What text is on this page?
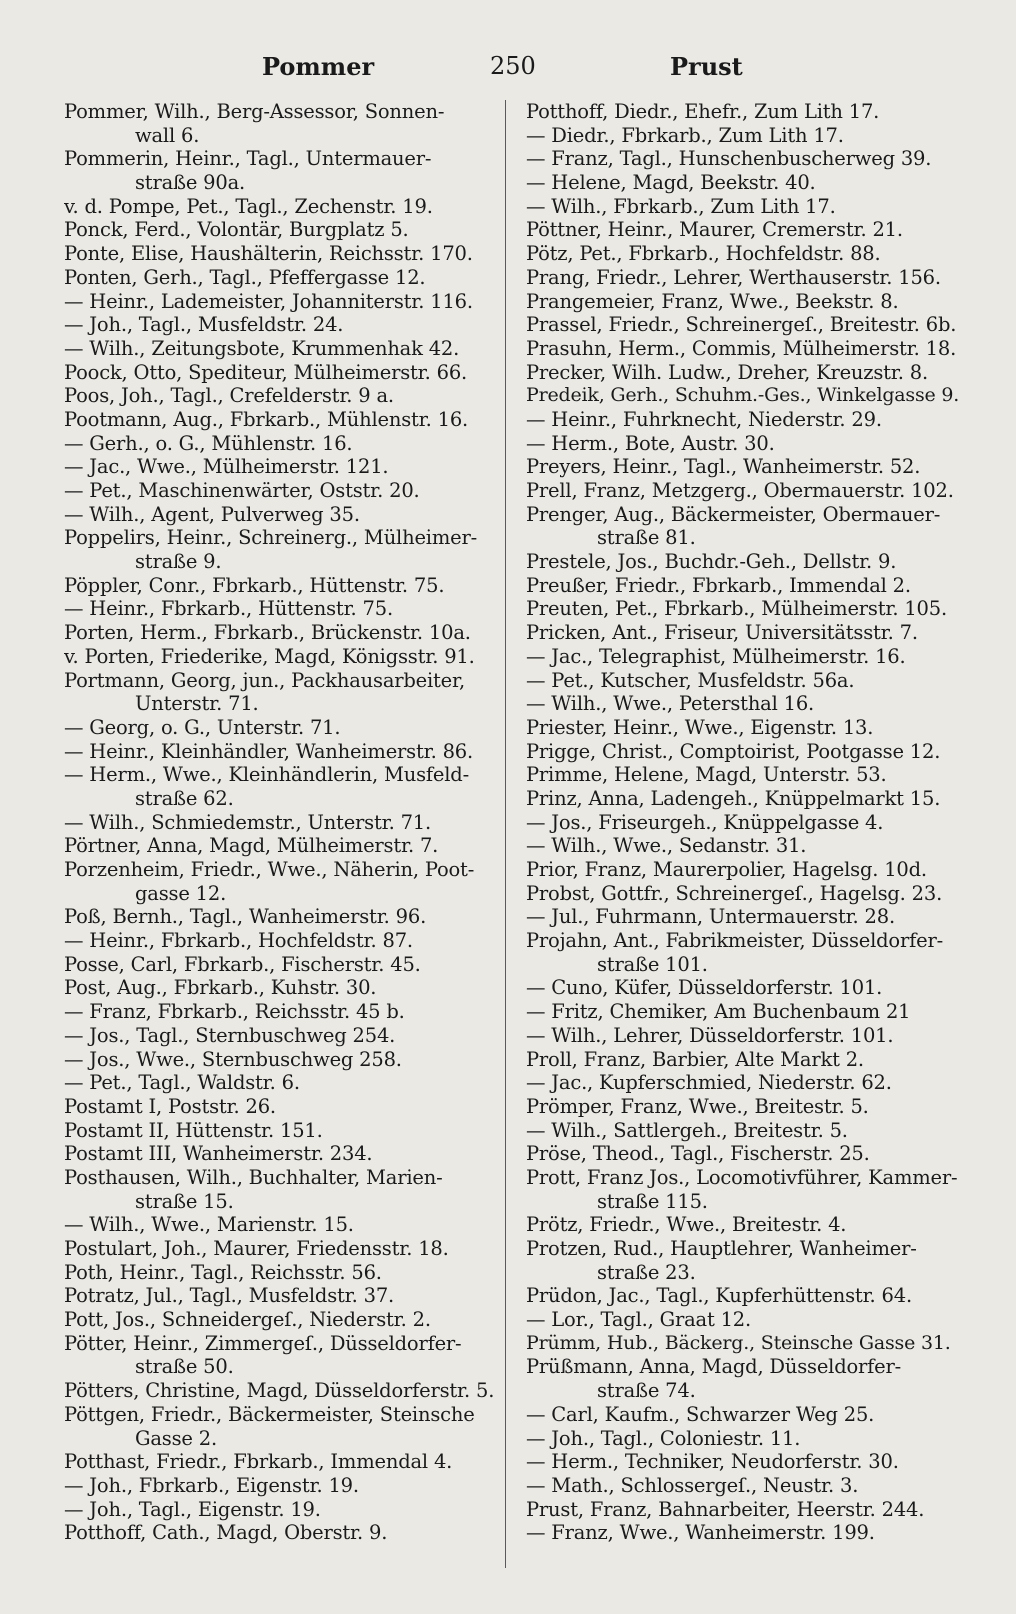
Pommer	250	Prust
Pommer, Wilh., Berg-Assessor, Sonnen-
wall 6.
Pommerin, Heinr., Tagl., Untermauer-
straße 90a.
v. d. Pompe, Pet., Tagl., Zechenstr. 19.
Ponck, Ferd., Volontär, Burgplatz 5.
Ponte, Elise, Haushälterin, Reichsstr. 170.
Ponten, Gerh., Tagl., Pfeffergasse 12.
— Heinr., Lademeister, Johanniterstr. 116.
— Joh., Tagl., Musfeldstr. 24.
— Wilh., Zeitungsbote, Krummenhak 42.
Poock, Otto, Spediteur, Mülheimerstr. 66.
Poos, Joh., Tagl., Crefelderstr. 9 a.
Pootmann, Aug., Fbrkarb., Mühlenstr. 16.
— Gerh., o. G., Mühlenstr. 16.
— Jac., Wwe., Mülheimerstr. 121.
— Pet., Maschinenwärter, Oststr. 20.
— Wilh., Agent, Pulverweg 35.
Poppelirs, Heinr., Schreinerg., Mülheimer-
straße 9.
Pöppler, Conr., Fbrkarb., Hüttenstr. 75.
— Heinr., Fbrkarb., Hüttenstr. 75.
Porten, Herm., Fbrkarb., Brückenstr. 10a.
v. Porten, Friederike, Magd, Königsstr. 91.
Portmann, Georg, jun., Packhausarbeiter,
Unterstr. 71.
— Georg, o. G., Unterstr. 71.
— Heinr., Kleinhändler, Wanheimerstr. 86.
— Herm., Wwe., Kleinhändlerin, Musfeld-
straße 62.
— Wilh., Schmiedemstr., Unterstr. 71.
Pörtner, Anna, Magd, Mülheimerstr. 7.
Porzenheim, Friedr., Wwe., Näherin, Poot-
gasse 12.
Poß, Bernh., Tagl., Wanheimerstr. 96.
— Heinr., Fbrkarb., Hochfeldstr. 87.
Posse, Carl, Fbrkarb., Fischerstr. 45.
Post, Aug., Fbrkarb., Kuhstr. 30.
— Franz, Fbrkarb., Reichsstr. 45 b.
— Jos., Tagl., Sternbuschweg 254.
— Jos., Wwe., Sternbuschweg 258.
— Pet., Tagl., Waldstr. 6.
Postamt I, Poststr. 26.
Postamt II, Hüttenstr. 151.
Postamt III, Wanheimerstr. 234.
Posthausen, Wilh., Buchhalter, Marien-
straße 15.
— Wilh., Wwe., Marienstr. 15.
Postulart, Joh., Maurer, Friedensstr. 18.
Poth, Heinr., Tagl., Reichsstr. 56.
Potratz, Jul., Tagl., Musfeldstr. 37.
Pott, Jos., Schneidergeſ., Niederstr. 2.
Pötter, Heinr., Zimmergeſ., Düsseldorfer-
straße 50.
Pötters, Christine, Magd, Düsseldorferstr. 5.
Pöttgen, Friedr., Bäckermeister, Steinsche
Gasse 2.
Potthast, Friedr., Fbrkarb., Immendal 4.
— Joh., Fbrkarb., Eigenstr. 19.
— Joh., Tagl., Eigenstr. 19.
Potthoff, Cath., Magd, Oberstr. 9.
Potthoff, Diedr., Ehefr., Zum Lith 17.
— Diedr., Fbrkarb., Zum Lith 17.
— Franz, Tagl., Hunschenbuscherweg 39.
— Helene, Magd, Beekstr. 40.
— Wilh., Fbrkarb., Zum Lith 17.
Pöttner, Heinr., Maurer, Cremerstr. 21.
Pötz, Pet., Fbrkarb., Hochfeldstr. 88.
Prang, Friedr., Lehrer, Werthauserstr. 156.
Prangemeier, Franz, Wwe., Beekstr. 8.
Prassel, Friedr., Schreinergeſ., Breitestr. 6b.
Prasuhn, Herm., Commis, Mülheimerstr. 18.
Precker, Wilh. Ludw., Dreher, Kreuzstr. 8.
Predeik, Gerh., Schuhm.-Ges., Winkelgasse 9.
— Heinr., Fuhrknecht, Niederstr. 29.
— Herm., Bote, Austr. 30.
Preyers, Heinr., Tagl., Wanheimerstr. 52.
Prell, Franz, Metzgerg., Obermauerstr. 102.
Prenger, Aug., Bäckermeister, Obermauer-
straße 81.
Prestele, Jos., Buchdr.-Geh., Dellstr. 9.
Preußer, Friedr., Fbrkarb., Immendal 2.
Preuten, Pet., Fbrkarb., Mülheimerstr. 105.
Pricken, Ant., Friseur, Universitätsstr. 7.
— Jac., Telegraphist, Mülheimerstr. 16.
— Pet., Kutscher, Musfeldstr. 56a.
— Wilh., Wwe., Petersthal 16.
Priester, Heinr., Wwe., Eigenstr. 13.
Prigge, Christ., Comptoirist, Pootgasse 12.
Primme, Helene, Magd, Unterstr. 53.
Prinz, Anna, Ladengeh., Knüppelmarkt 15.
— Jos., Friseurgeh., Knüppelgasse 4.
— Wilh., Wwe., Sedanstr. 31.
Prior, Franz, Maurerpolier, Hagelsg. 10d.
Probst, Gottfr., Schreinergeſ., Hagelsg. 23.
— Jul., Fuhrmann, Untermauerstr. 28.
Projahn, Ant., Fabrikmeister, Düsseldorfer-
straße 101.
— Cuno, Küfer, Düsseldorferstr. 101.
— Fritz, Chemiker, Am Buchenbaum 21
— Wilh., Lehrer, Düsseldorferstr. 101.
Proll, Franz, Barbier, Alte Markt 2.
— Jac., Kupferschmied, Niederstr. 62.
Prömper, Franz, Wwe., Breitestr. 5.
— Wilh., Sattlergeh., Breitestr. 5.
Pröse, Theod., Tagl., Fischerstr. 25.
Prott, Franz Jos., Locomotivführer, Kammer-
straße 115.
Prötz, Friedr., Wwe., Breitestr. 4.
Protzen, Rud., Hauptlehrer, Wanheimer-
straße 23.
Prüdon, Jac., Tagl., Kupferhüttenstr. 64.
— Lor., Tagl., Graat 12.
Prümm, Hub., Bäckerg., Steinsche Gasse 31.
Prüßmann, Anna, Magd, Düsseldorfer-
straße 74.
— Carl, Kaufm., Schwarzer Weg 25.
— Joh., Tagl., Coloniestr. 11.
— Herm., Techniker, Neudorferstr. 30.
— Math., Schlossergeſ., Neustr. 3.
Prust, Franz, Bahnarbeiter, Heerstr. 244.
— Franz, Wwe., Wanheimerstr. 199.
